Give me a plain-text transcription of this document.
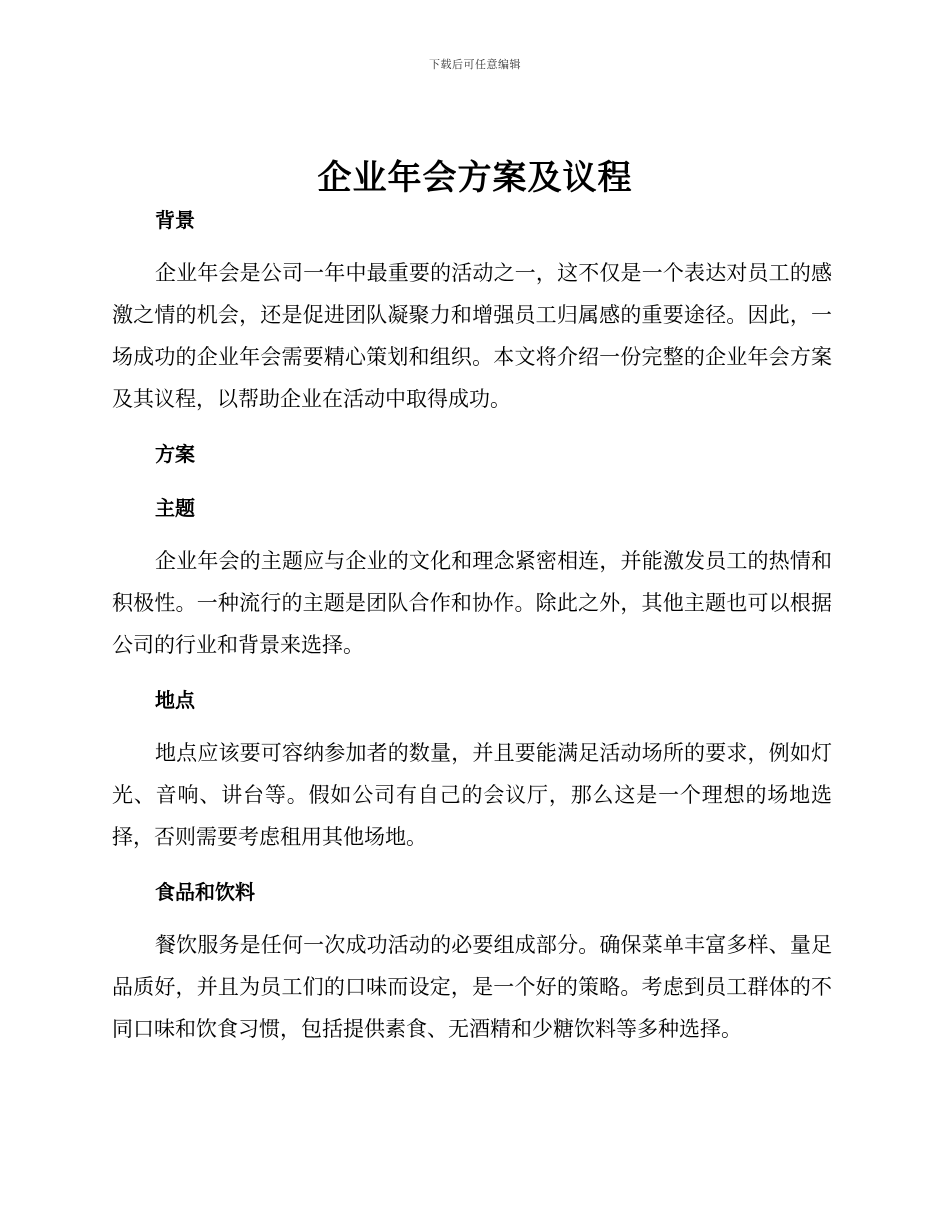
下载后可任意编辑
企业年会方案及议程
背景

企业年会是公司一年中最重要的活动之一，这不仅是一个表达对员工的感激之情的机会，还是促进团队凝聚力和增强员工归属感的重要途径。因此，一场成功的企业年会需要精心策划和组织。本文将介绍一份完整的企业年会方案及其议程，以帮助企业在活动中取得成功。

方案
主题

企业年会的主题应与企业的文化和理念紧密相连，并能激发员工的热情和积极性。一种流行的主题是团队合作和协作。除此之外，其他主题也可以根据公司的行业和背景来选择。

地点

地点应该要可容纳参加者的数量，并且要能满足活动场所的要求，例如灯光、音响、讲台等。假如公司有自己的会议厅，那么这是一个理想的场地选择，否则需要考虑租用其他场地。

食品和饮料

餐饮服务是任何一次成功活动的必要组成部分。确保菜单丰富多样、量足品质好，并且为员工们的口味而设定，是一个好的策略。考虑到员工群体的不同口味和饮食习惯，包括提供素食、无酒精和少糖饮料等多种选择。
